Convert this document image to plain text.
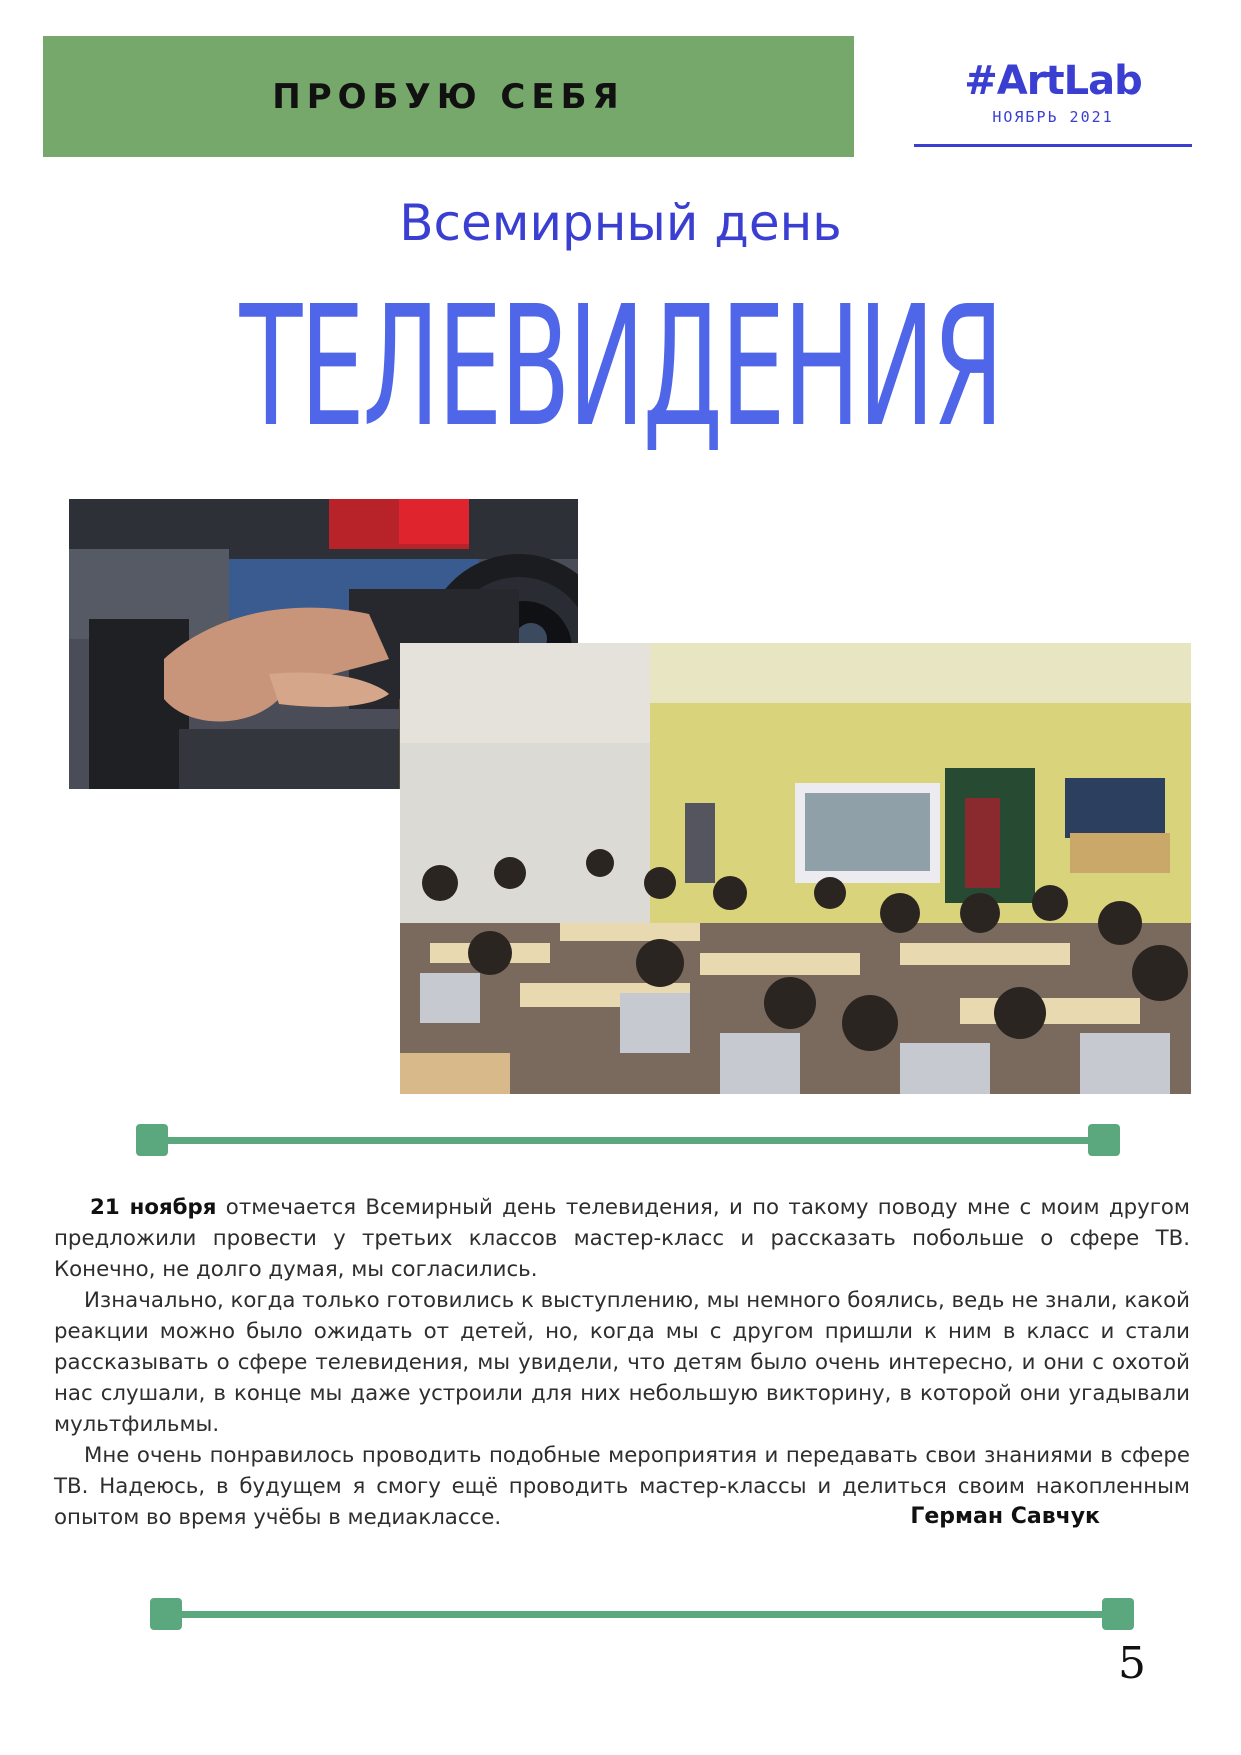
ПРОБУЮ СЕБЯ	#ArtLab
НОЯБРЬ 2021
Всемирный день
ТЕЛЕВИДЕНИЯ

21 ноября отмечается Всемирный день телевидения, и по такому поводу мне с моим другом предложили провести у третьих классов мастер-класс и рассказать побольше о сфере ТВ. Конечно, не долго думая, мы согласились.

Изначально, когда только готовились к выступлению, мы немного боялись, ведь не знали, какой реакции можно было ожидать от детей, но, когда мы с другом пришли к ним в класс и стали рассказывать о сфере телевидения, мы увидели, что детям было очень интересно, и они с охотой нас слушали, в конце мы даже устроили для них небольшую викторину, в которой они угадывали мультфильмы.

Мне очень понравилось проводить подобные мероприятия и передавать свои знаниями в сфере ТВ. Надеюсь, в будущем я смогу ещё проводить мастер-классы и делиться своим накопленным опытом во время учёбы в медиаклассе.	Герман Савчук
5
